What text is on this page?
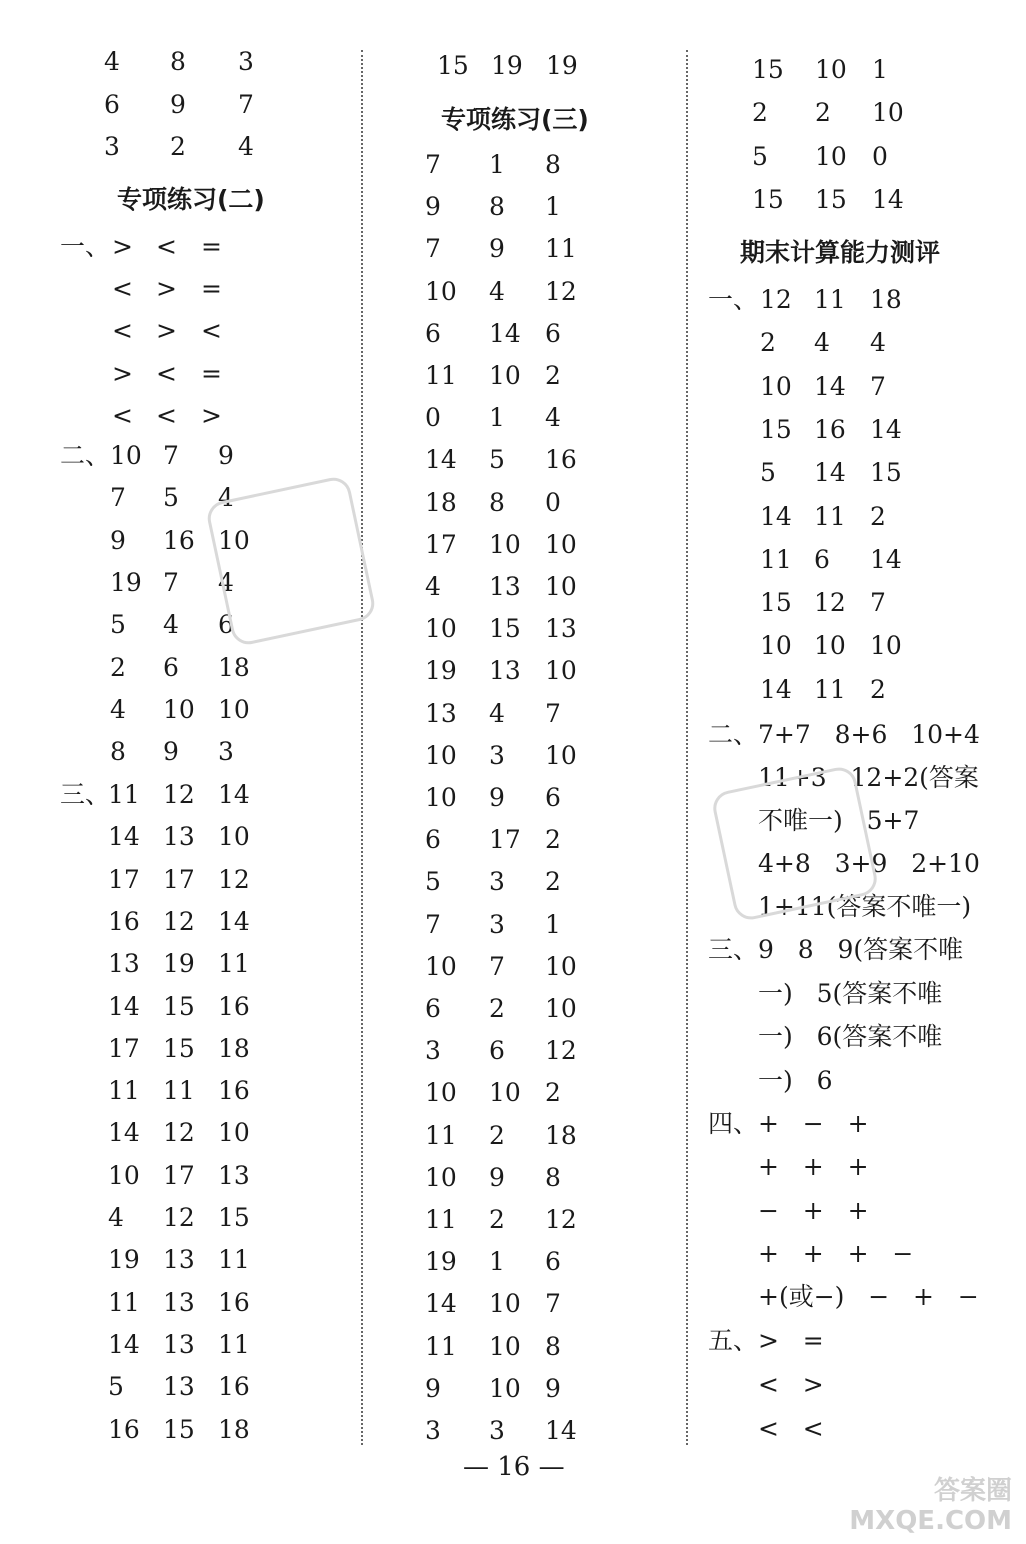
4 8 3
6 9 7
3 2 4
专项练习(二)
一、 > < =
< > =
< > <
> < =
< < >
二、 10 7 9
7 5 4
9 16 10
19 7 4
5 4 6
2 6 18
4 10 10
8 9 3
三、
11 12 14
14 13 10
17 17 12
16 12 14
13 19 11
14 15 16
17 15 18
11 11 16
14 12 10
10 17 13
4 12 15
19 13 11
11 13 16
14 13 11
5 13 16
16 15 18
15 19 19
专项练习(三)
7 1 8
9 8 1
7 9 11
10 4 12
6 14 6
11 10 2
0 1 4
14 5 16
18 8 0
17 10 10
4 13 10
10 15 13
19 13 10
13 4 7
10 3 10
10 9 6
6 17 2
5 3 2
7 3 1
10 7 10
6 2 10
3 6 12
10 10 2
11 2 18
10 9 8
11 2 12
19 1 6
14 10 7
11 10 8
9 10 9
3 3 14
15 10 1
2 2 10
5 10 0
15 15 14
期末计算能力测评
一、 12 11 18
2 4 4
10 14 7
15 16 14
5 14 15
14 11 2
11 6 14
15 12 7
10 10 10
14 11 2
二、 7+7   8+6   10+4
11+3   12+2(答案
不唯一)   5+7
4+8   3+9   2+10
1+11(答案不唯一)
三、 9   8   9(答案不唯
一)   5(答案不唯
一)   6(答案不唯
一)   6
四、 +   −   +
+   +   +
−   +   +
+   +   +   −
+(或−)   −   +   −
五、 >   =
<   >
<   <
— 16 —
答案圈 MXQE.COM
